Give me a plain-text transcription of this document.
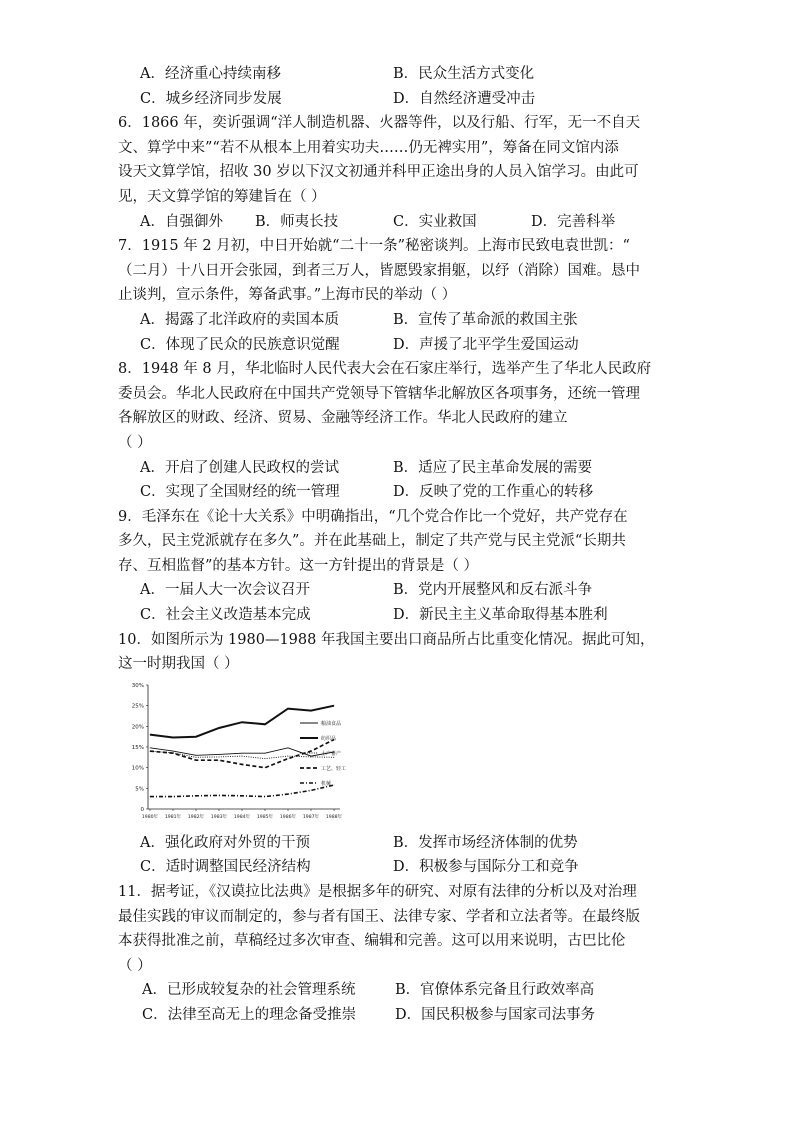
A．经济重心持续南移	B．民众生活方式变化
C．城乡经济同步发展	D．自然经济遭受冲击
6．1866 年，奕䜣强调“洋人制造机器、火器等件，以及行船、行军，无一不自天
文、算学中来”“若不从根本上用着实功夫……仍无裨实用”，筹备在同文馆内添
设天文算学馆，招收 30 岁以下汉文初通并科甲正途出身的人员入馆学习。由此可
见，天文算学馆的筹建旨在（ ）
A．自强御外	B．师夷长技	C．实业救国	D．完善科举
7．1915 年 2 月初，中日开始就“二十一条”秘密谈判。上海市民致电袁世凯：“
（二月）十八日开会张园，到者三万人，皆愿毁家捐躯，以纾（消除）国难。恳中
止谈判，宣示条件，筹备武事。”上海市民的举动（ ）
A．揭露了北洋政府的卖国本质	B．宣传了革命派的救国主张
C．体现了民众的民族意识觉醒	D．声援了北平学生爱国运动
8．1948 年 8 月，华北临时人民代表大会在石家庄举行，选举产生了华北人民政府
委员会。华北人民政府在中国共产党领导下管辖华北解放区各项事务，还统一管理
各解放区的财政、经济、贸易、金融等经济工作。华北人民政府的建立
（ ）
A．开启了创建人民政权的尝试	B．适应了民主革命发展的需要
C．实现了全国财经的统一管理	D．反映了党的工作重心的转移
9．毛泽东在《论十大关系》中明确指出，“几个党合作比一个党好，共产党存在
多久，民主党派就存在多久”。并在此基础上，制定了共产党与民主党派“长期共
存、互相监督”的基本方针。这一方针提出的背景是（ ）
A．一届人大一次会议召开	B．党内开展整风和反右派斗争
C．社会主义改造基本完成	D．新民主主义革命取得基本胜利
10．如图所示为 1980—1988 年我国主要出口商品所占比重变化情况。据此可知，
这一时期我国（ ）
0
5%
10%
15%
20%
25%
30%
1980年 1981年 1982年 1983年 1984年 1985年 1986年 1987年 1988年
粮油食品
纺织品
土产畜产
工艺、轻工
机械
A．强化政府对外贸的干预	B．发挥市场经济体制的优势
C．适时调整国民经济结构	D．积极参与国际分工和竞争
11．据考证，《汉谟拉比法典》是根据多年的研究、对原有法律的分析以及对治理
最佳实践的审议而制定的，参与者有国王、法律专家、学者和立法者等。在最终版
本获得批准之前，草稿经过多次审查、编辑和完善。这可以用来说明，古巴比伦
（ ）
A．已形成较复杂的社会管理系统	B．官僚体系完备且行政效率高
C．法律至高无上的理念备受推崇	D．国民积极参与国家司法事务
